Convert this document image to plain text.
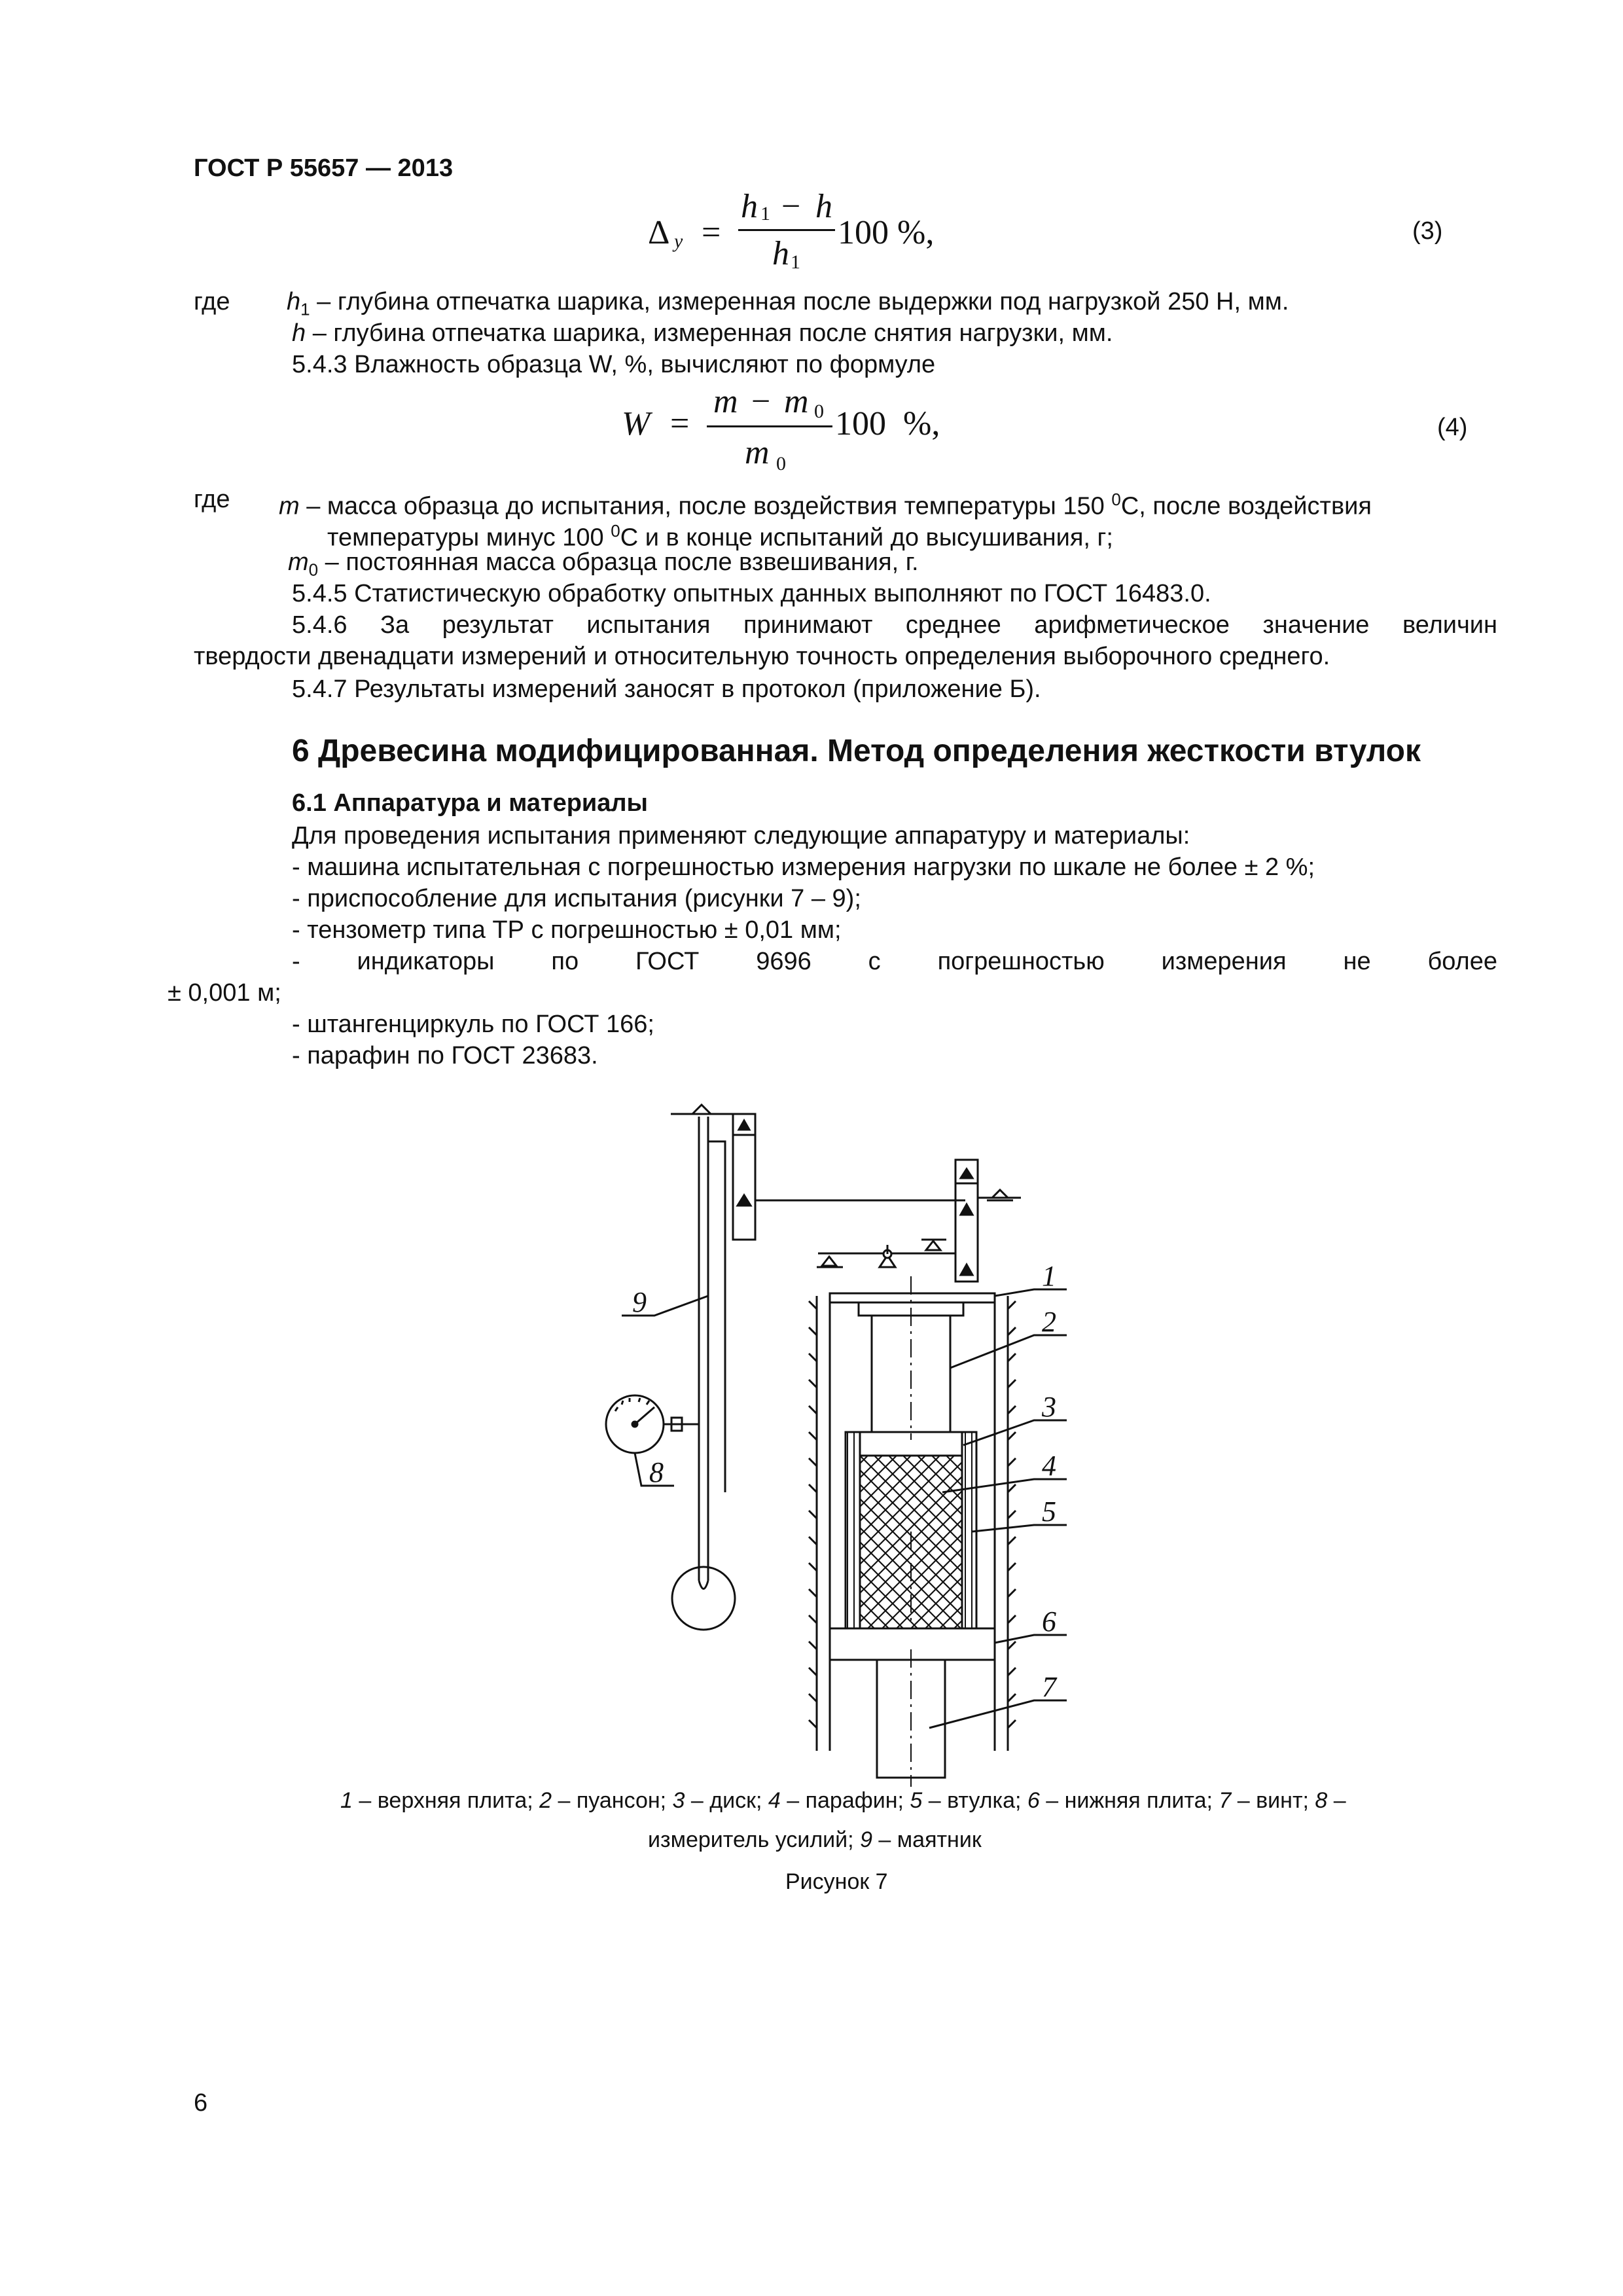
ГОСТ Р 55657 — 2013
Δ y =
h 1 − h
h 1
100 %,	(3)
где $h_1$ – глубина отпечатка шарика, измеренная после выдержки под нагрузкой 250 Н, мм.
h – глубина отпечатка шарика, измеренная после снятия нагрузки, мм.
5.4.3 Влажность образца W, %, вычисляют по формуле
W =
m − m 0
m 0
100  %,	(4)
где m – масса образца до испытания, после воздействия температуры 150 $^0$С, после воздействия
температуры минус 100 $^0$С и в конце испытаний до высушивания, г;
$m_0$ – постоянная масса образца после взвешивания, г.
5.4.5 Статистическую обработку опытных данных выполняют по ГОСТ 16483.0.
5.4.6 За результат испытания принимают среднее арифметическое значение величин
твердости двенадцати измерений и относительную точность определения выборочного среднего.
5.4.7 Результаты измерений заносят в протокол (приложение Б).
6 Древесина модифицированная. Метод определения жесткости втулок
6.1 Аппаратура и материалы
Для проведения испытания применяют следующие аппаратуру и материалы:
- машина испытательная с погрешностью измерения нагрузки по шкале не более ± 2 %;
- приспособление для испытания (рисунки 7 – 9);
- тензометр типа ТР с погрешностью ± 0,01 мм;
- индикаторы по ГОСТ 9696 с погрешностью измерения не более
± 0,001 м;
- штангенциркуль по ГОСТ 166;
- парафин по ГОСТ 23683.
1
2
3
4
5
6
7
8
9
1 – верхняя плита; 2 – пуансон; 3 – диск; 4 – парафин; 5 – втулка; 6 – нижняя плита; 7 – винт; 8 –
измеритель усилий; 9 – маятник
Рисунок 7
6
